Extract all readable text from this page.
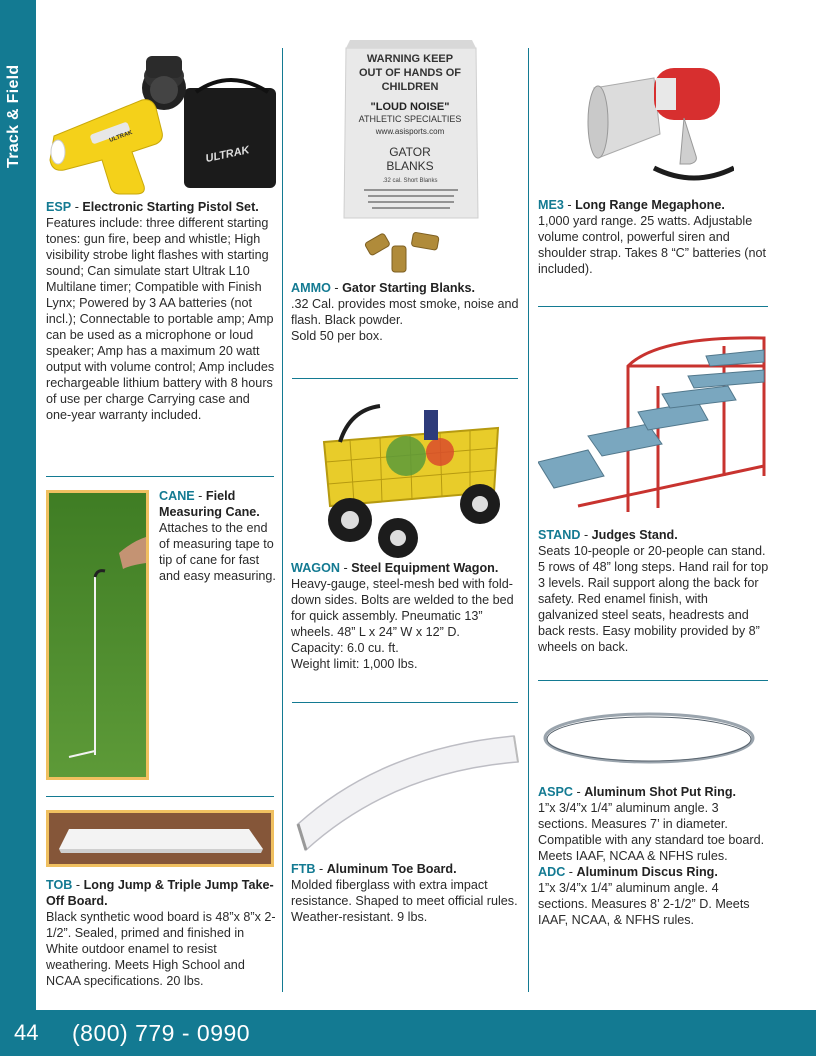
Track & Field	ULTRAK
ULTRAK

ESP - Electronic Starting Pistol Set.

Features include: three different starting tones: gun fire, beep and whistle; High visibility strobe light flashes with starting sound; Can simulate start Ultrak L10 Multilane timer; Compatible with Finish Lynx; Powered by 3 AA batteries (not incl.); Connectable to portable amp; Amp can be used as a microphone or loud speaker; Amp has a maximum 20 watt output with volume control; Amp includes rechargeable lithium battery with 8 hours of use per charge Carrying case and one-year warranty included.

CANE - Field Measuring Cane.

Attaches to the end of measuring tape to tip of cane for fast and easy measuring.

TOB - Long Jump & Triple Jump Take-Off Board.

Black synthetic wood board is 48”x 8”x 2-1/2”. Sealed, primed and finished in White outdoor enamel to resist weathering. Meets High School and NCAA specifications. 20 lbs.

WARNING KEEP
OUT OF HANDS OF
CHILDREN
"LOUD NOISE"
ATHLETIC SPECIALTIES
www.asisports.com
GATOR
BLANKS
.32 cal. Short Blanks

AMMO - Gator Starting Blanks.

.32 Cal. provides most smoke, noise and flash. Black powder.

Sold 50 per box.

WAGON - Steel Equipment Wagon.

Heavy-gauge, steel-mesh bed with fold-down sides. Bolts are welded to the bed for quick assembly. Pneumatic 13” wheels. 48” L x 24” W x 12” D.

Capacity: 6.0 cu. ft.

Weight limit: 1,000 lbs.

FTB - Aluminum Toe Board.

Molded fiberglass with extra impact resistance. Shaped to meet official rules. Weather-resistant. 9 lbs.

ME3 - Long Range Megaphone.

1,000 yard range. 25 watts. Adjustable volume control, powerful siren and shoulder strap. Takes 8 “C” batteries (not included).

STAND - Judges Stand.

Seats 10-people or 20-people can stand. 5 rows of 48” long steps. Hand rail for top 3 levels. Rail support along the back for safety. Red enamel finish, with galvanized steel seats, headrests and back rests. Easy mobility provided by 8” wheels on back.

ASPC - Aluminum Shot Put Ring.

1”x 3/4”x 1/4” aluminum angle. 3 sections. Measures 7’ in diameter. Compatible with any standard toe board. Meets IAAF, NCAA & NFHS rules.

ADC - Aluminum Discus Ring.

1”x 3/4”x 1/4” aluminum angle. 4 sections. Measures 8’ 2-1/2” D. Meets IAAF, NCAA, & NFHS rules.

44 (800) 779 - 0990
